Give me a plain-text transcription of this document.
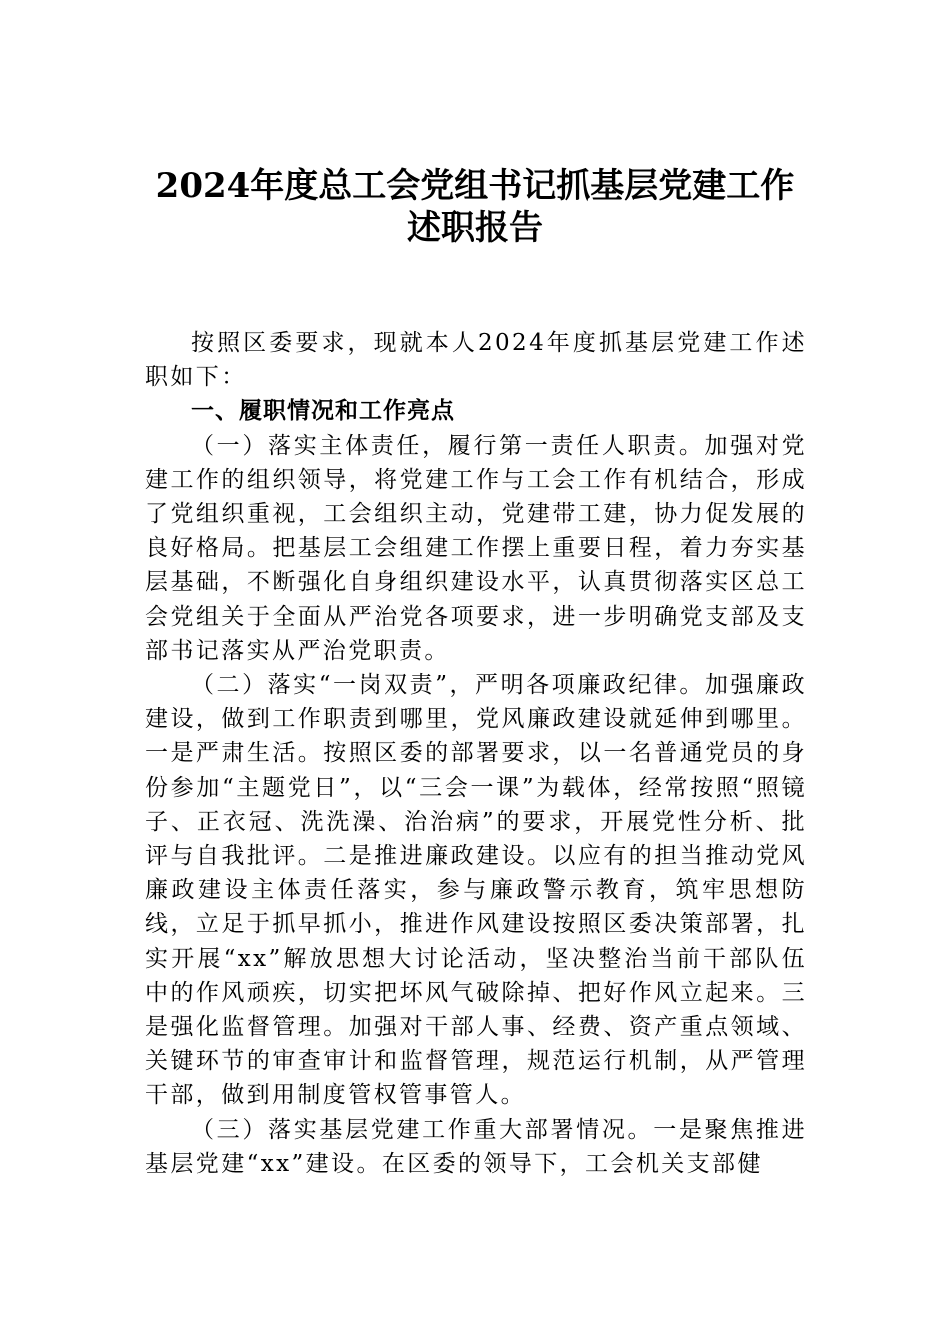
2024年度总工会党组书记抓基层党建工作
述职报告

按照区委要求，现就本人2024年度抓基层党建工作述职如下：

一、履职情况和工作亮点

（一）落实主体责任，履行第一责任人职责。加强对党建工作的组织领导，将党建工作与工会工作有机结合，形成了党组织重视，工会组织主动，党建带工建，协力促发展的良好格局。把基层工会组建工作摆上重要日程，着力夯实基层基础，不断强化自身组织建设水平，认真贯彻落实区总工会党组关于全面从严治党各项要求，进一步明确党支部及支部书记落实从严治党职责。

（二）落实“一岗双责”，严明各项廉政纪律。加强廉政建设，做到工作职责到哪里，党风廉政建设就延伸到哪里。一是严肃生活。按照区委的部署要求，以一名普通党员的身份参加“主题党日”，以“三会一课”为载体，经常按照“照镜子、正衣冠、洗洗澡、治治病”的要求，开展党性分析、批评与自我批评。二是推进廉政建设。以应有的担当推动党风廉政建设主体责任落实，参与廉政警示教育，筑牢思想防线，立足于抓早抓小，推进作风建设按照区委决策部署，扎实开展“xx”解放思想大讨论活动，坚决整治当前干部队伍中的作风顽疾，切实把坏风气破除掉、把好作风立起来。三是强化监督管理。加强对干部人事、经费、资产重点领域、关键环节的审查审计和监督管理，规范运行机制，从严管理干部，做到用制度管权管事管人。

（三）落实基层党建工作重大部署情况。一是聚焦推进基层党建“xx”建设。在区委的领导下，工会机关支部健
